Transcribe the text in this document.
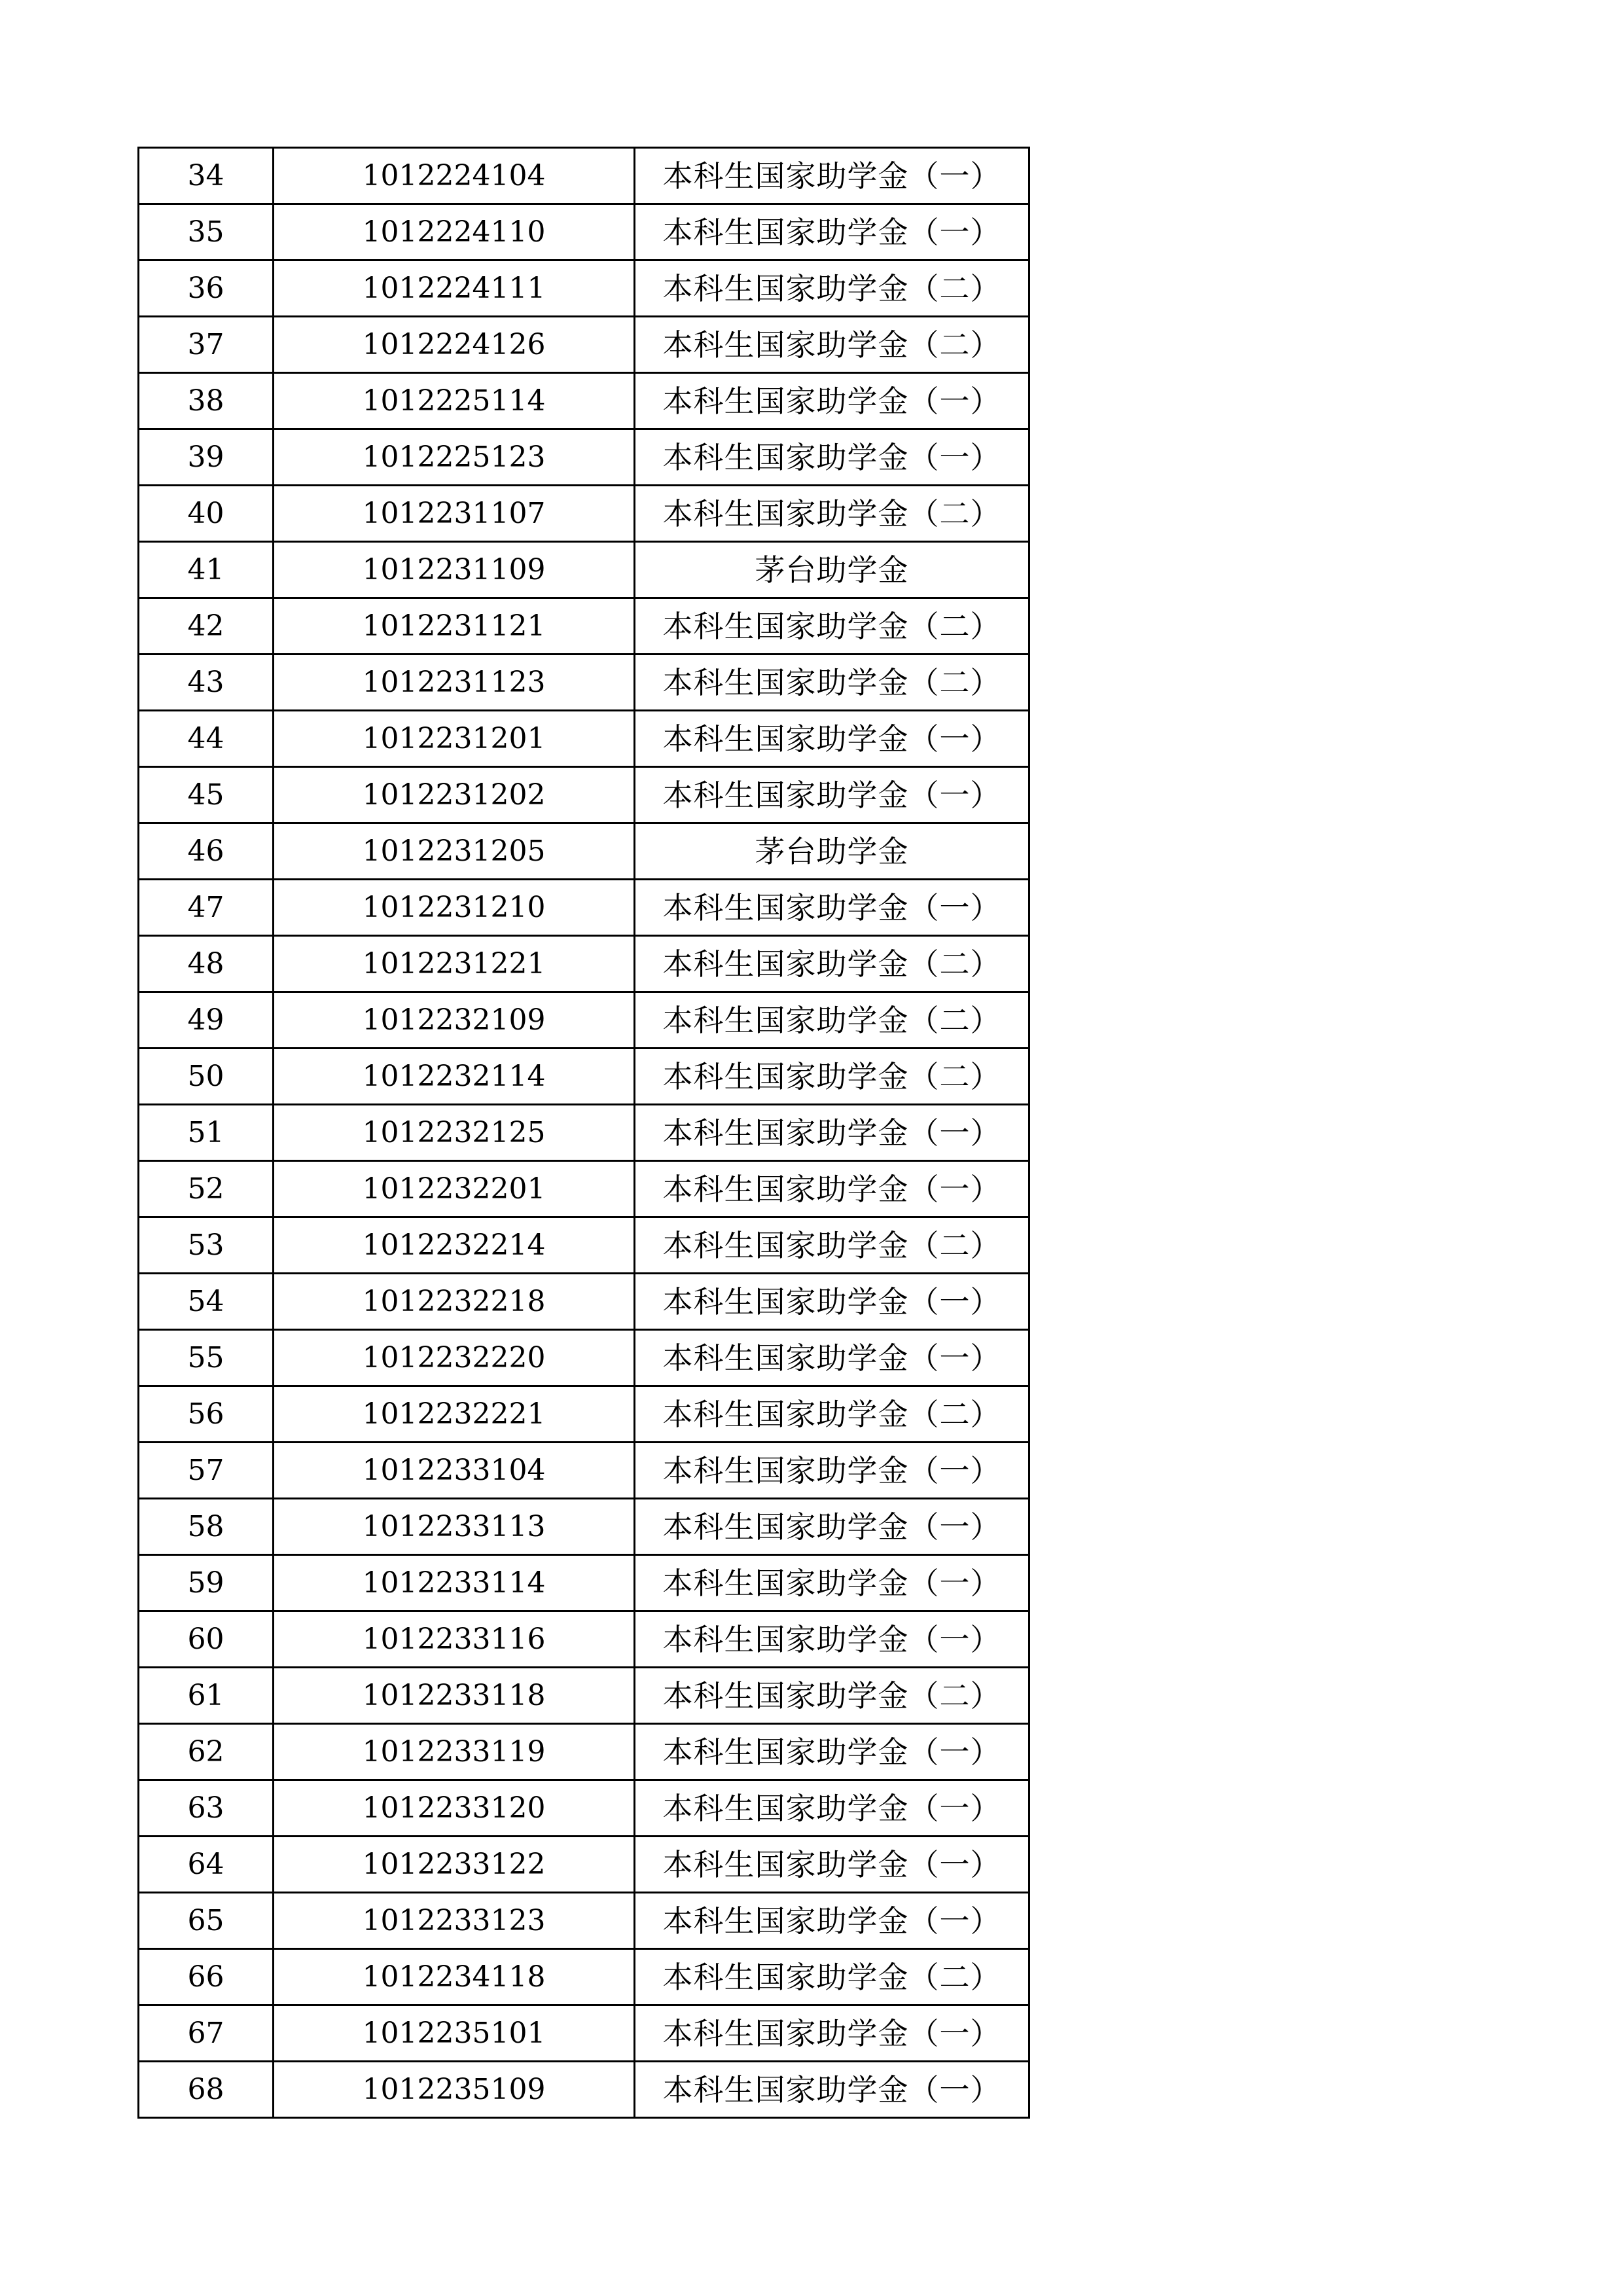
34	1012224104	本科生国家助学金（一）
35	1012224110	本科生国家助学金（一）
36	1012224111	本科生国家助学金（二）
37	1012224126	本科生国家助学金（二）
38	1012225114	本科生国家助学金（一）
39	1012225123	本科生国家助学金（一）
40	1012231107	本科生国家助学金（二）
41	1012231109	茅台助学金
42	1012231121	本科生国家助学金（二）
43	1012231123	本科生国家助学金（二）
44	1012231201	本科生国家助学金（一）
45	1012231202	本科生国家助学金（一）
46	1012231205	茅台助学金
47	1012231210	本科生国家助学金（一）
48	1012231221	本科生国家助学金（二）
49	1012232109	本科生国家助学金（二）
50	1012232114	本科生国家助学金（二）
51	1012232125	本科生国家助学金（一）
52	1012232201	本科生国家助学金（一）
53	1012232214	本科生国家助学金（二）
54	1012232218	本科生国家助学金（一）
55	1012232220	本科生国家助学金（一）
56	1012232221	本科生国家助学金（二）
57	1012233104	本科生国家助学金（一）
58	1012233113	本科生国家助学金（一）
59	1012233114	本科生国家助学金（一）
60	1012233116	本科生国家助学金（一）
61	1012233118	本科生国家助学金（二）
62	1012233119	本科生国家助学金（一）
63	1012233120	本科生国家助学金（一）
64	1012233122	本科生国家助学金（一）
65	1012233123	本科生国家助学金（一）
66	1012234118	本科生国家助学金（二）
67	1012235101	本科生国家助学金（一）
68	1012235109	本科生国家助学金（一）
